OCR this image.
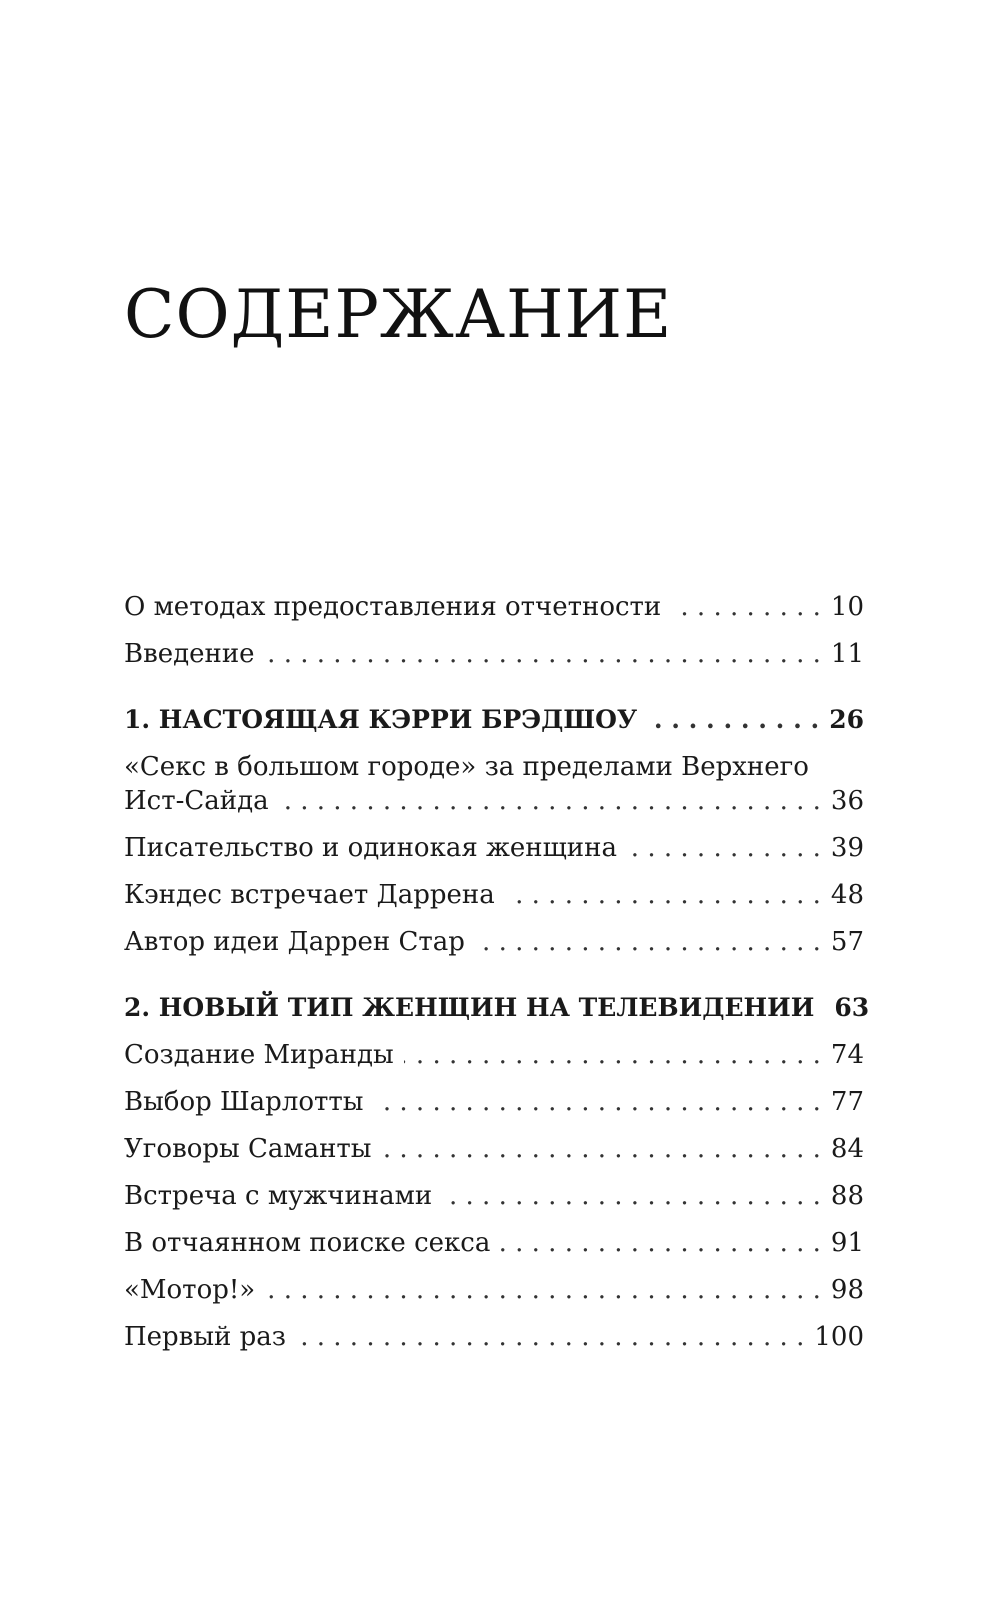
СОДЕРЖАНИЕ
О методах предоставления отчетности . . .	10
Введение . . .	11
1. НАСТОЯЩАЯ КЭРРИ БРЭДШОУ . . .	26
«Секс в большом городе» за пределами Верхнего
Ист-Сайда . . .	36
Писательство и одинокая женщина . . .	39
Кэндес встречает Даррена . . .	48
Автор идеи Даррен Стар . . .	57
2. НОВЫЙ ТИП ЖЕНЩИН НА ТЕЛЕВИДЕНИИ 63
Создание Миранды . . .	74
Выбор Шарлотты . . .	77
Уговоры Саманты . . .	84
Встреча с мужчинами . . .	88
В отчаянном поиске секса . . .	91
«Мотор!» . . .	98
Первый раз . . .	100
